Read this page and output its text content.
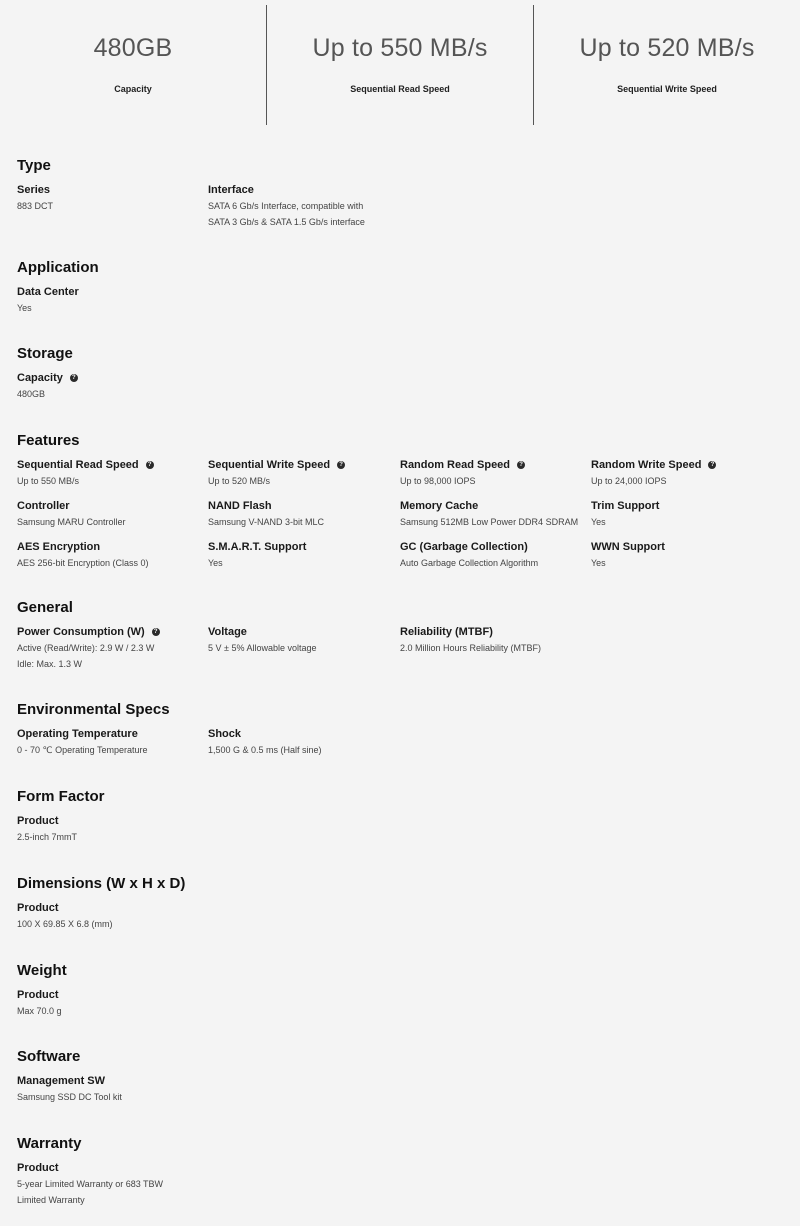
480GB
Capacity
Up to 550 MB/s
Sequential Read Speed
Up to 520 MB/s
Sequential Write Speed
Type
Series
883 DCT
Interface
SATA 6 Gb/s Interface, compatible with
SATA 3 Gb/s & SATA 1.5 Gb/s interface
Application
Data Center
Yes
Storage
Capacity	?
480GB
Features
Sequential Read Speed	?
Up to 550 MB/s
Sequential Write Speed	?
Up to 520 MB/s
Random Read Speed	?
Up to 98,000 IOPS
Random Write Speed	?
Up to 24,000 IOPS
Controller
Samsung MARU Controller
NAND Flash
Samsung V-NAND 3-bit MLC
Memory Cache
Samsung 512MB Low Power DDR4 SDRAM
Trim Support
Yes
AES Encryption
AES 256-bit Encryption (Class 0)
S.M.A.R.T. Support
Yes
GC (Garbage Collection)
Auto Garbage Collection Algorithm
WWN Support
Yes
General
Power Consumption (W)	?
Active (Read/Write): 2.9 W / 2.3 W
Idle: Max. 1.3 W
Voltage
5 V ± 5% Allowable voltage
Reliability (MTBF)
2.0 Million Hours Reliability (MTBF)
Environmental Specs
Operating Temperature
0 - 70 ℃ Operating Temperature
Shock
1,500 G & 0.5 ms (Half sine)
Form Factor
Product
2.5-inch 7mmT
Dimensions (W x H x D)
Product
100 X 69.85 X 6.8 (mm)
Weight
Product
Max 70.0 g
Software
Management SW
Samsung SSD DC Tool kit
Warranty
Product
5-year Limited Warranty or 683 TBW
Limited Warranty
